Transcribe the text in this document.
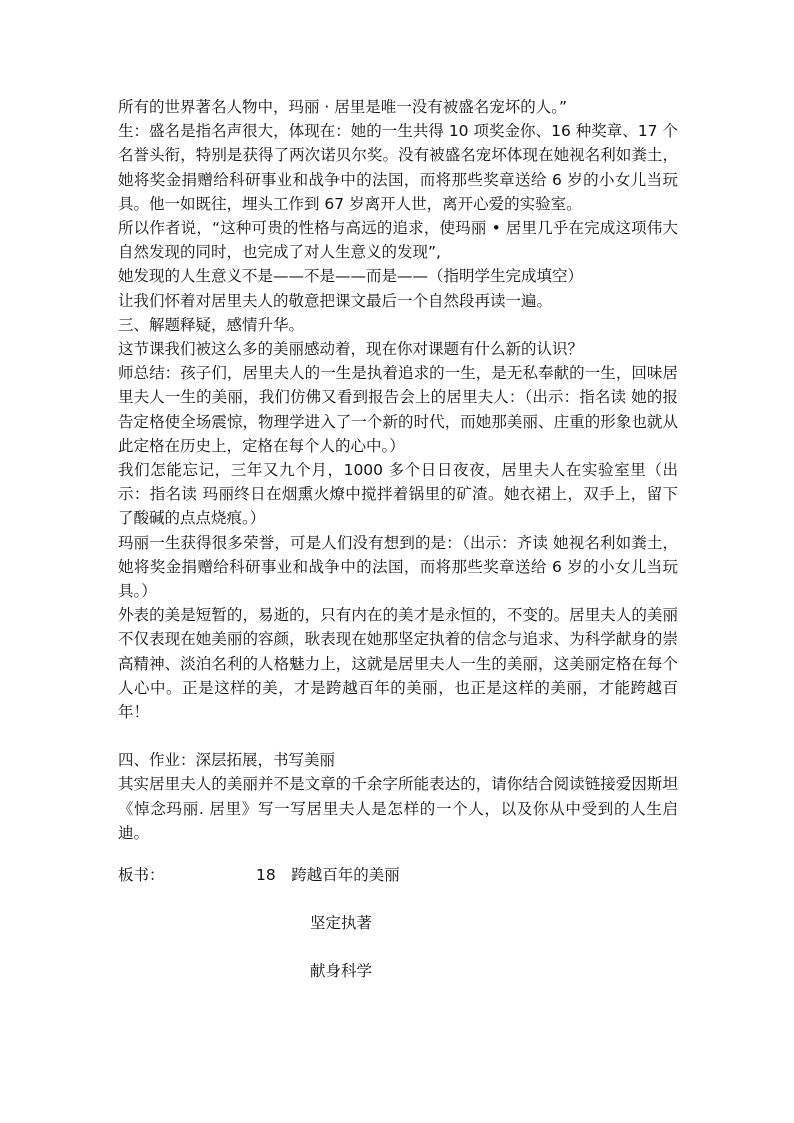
所有的世界著名人物中，玛丽 · 居里是唯一没有被盛名宠坏的人。”

生：盛名是指名声很大，体现在：她的一生共得 10 项奖金你、16 种奖章、17 个名誉头衔，特别是获得了两次诺贝尔奖。没有被盛名宠坏体现在她视名利如粪土，她将奖金捐赠给科研事业和战争中的法国，而将那些奖章送给 6 岁的小女儿当玩具。他一如既往，埋头工作到 67 岁离开人世，离开心爱的实验室。

所以作者说，“这种可贵的性格与高远的追求，使玛丽 • 居里几乎在完成这项伟大自然发现的同时，也完成了对人生意义的发现”,

她发现的人生意义不是——不是——而是——（指明学生完成填空）

让我们怀着对居里夫人的敬意把课文最后一个自然段再读一遍。

三、解题释疑，感情升华。

这节课我们被这么多的美丽感动着，现在你对课题有什么新的认识？

师总结：孩子们，居里夫人的一生是执着追求的一生，是无私奉献的一生，回味居里夫人一生的美丽，我们仿佛又看到报告会上的居里夫人：（出示：指名读 她的报告定格使全场震惊，物理学进入了一个新的时代，而她那美丽、庄重的形象也就从此定格在历史上，定格在每个人的心中。）

我们怎能忘记，三年又九个月，1000 多个日日夜夜，居里夫人在实验室里（出示：指名读 玛丽终日在烟熏火燎中搅拌着锅里的矿渣。她衣裙上，双手上，留下了酸碱的点点烧痕。）

玛丽一生获得很多荣誉，可是人们没有想到的是：（出示：齐读 她视名利如粪土，她将奖金捐赠给科研事业和战争中的法国，而将那些奖章送给 6 岁的小女儿当玩具。）

外表的美是短暂的，易逝的，只有内在的美才是永恒的，不变的。居里夫人的美丽不仅表现在她美丽的容颜，耿表现在她那坚定执着的信念与追求、为科学献身的崇高精神、淡泊名利的人格魅力上，这就是居里夫人一生的美丽，这美丽定格在每个人心中。正是这样的美，才是跨越百年的美丽，也正是这样的美丽，才能跨越百年！

四、作业：深层拓展，书写美丽

其实居里夫人的美丽并不是文章的千余字所能表达的，请你结合阅读链接爱因斯坦《悼念玛丽. 居里》写一写居里夫人是怎样的一个人，以及你从中受到的人生启迪。

板书：	18　跨越百年的美丽
坚定执著
献身科学
